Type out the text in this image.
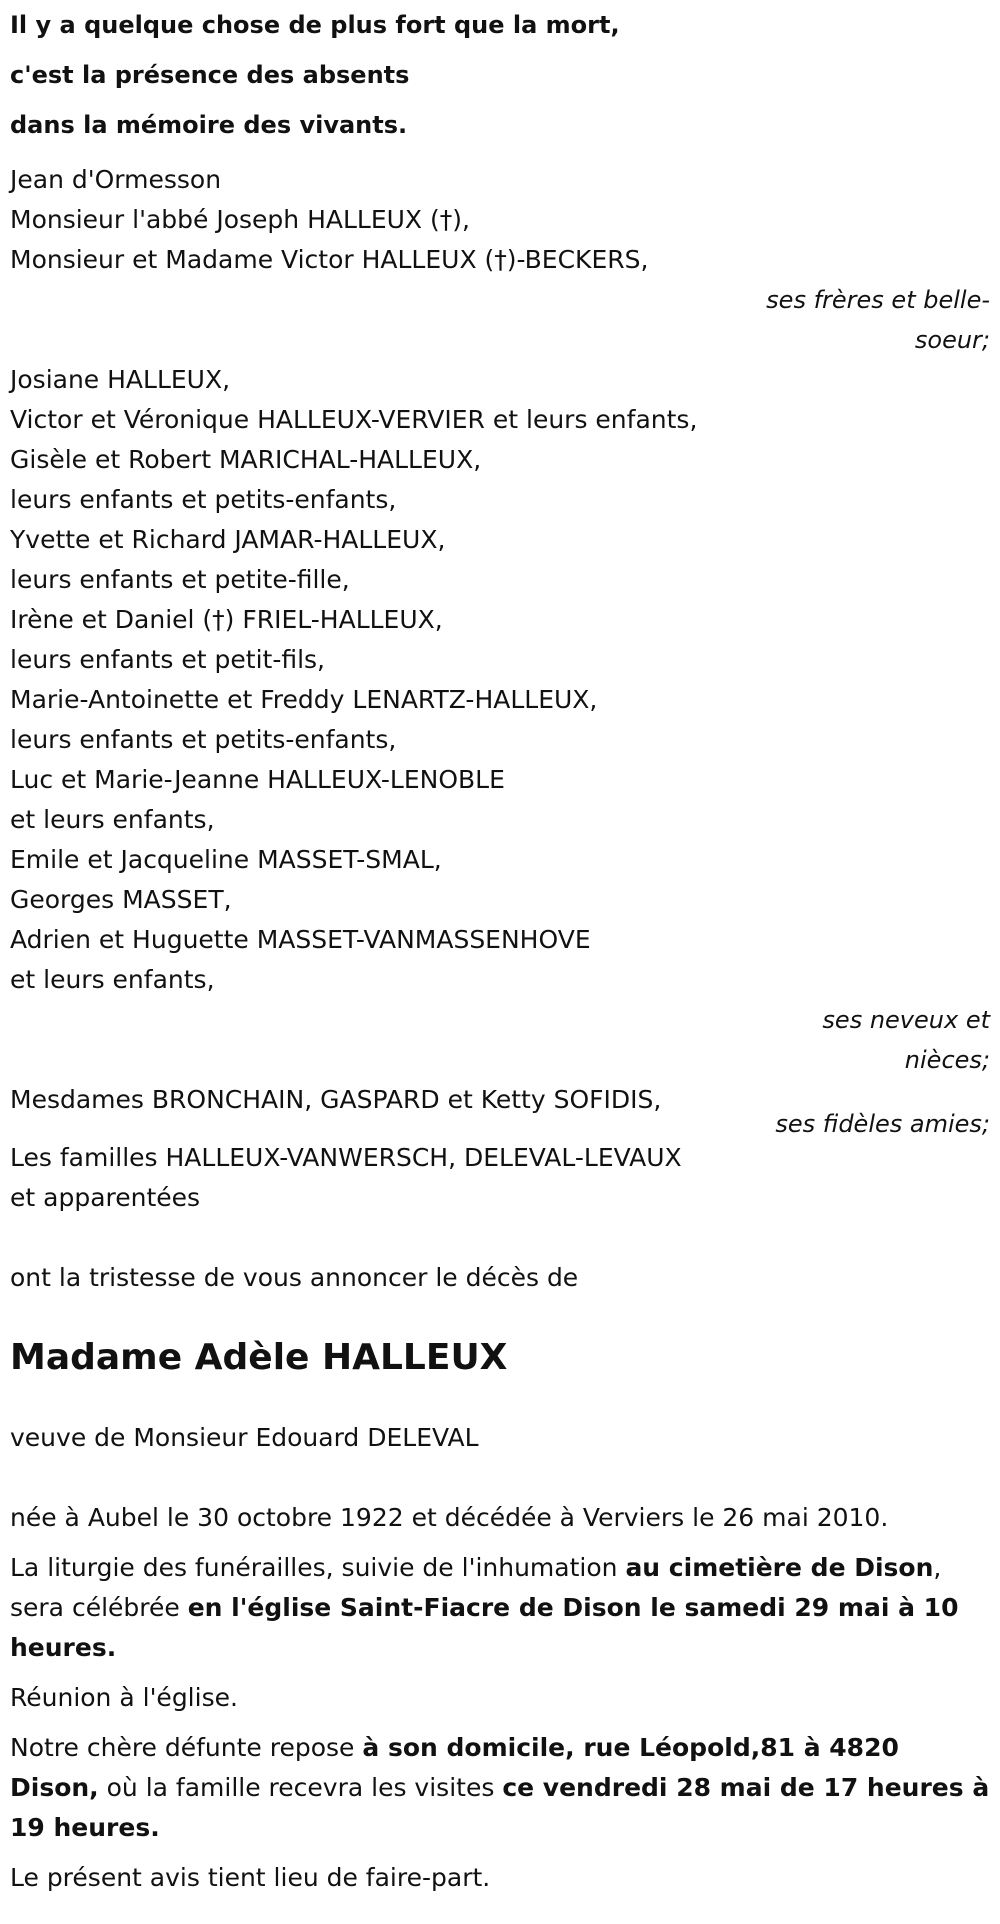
Il y a quelque chose de plus fort que la mort,
c'est la présence des absents
dans la mémoire des vivants.
Jean d'Ormesson
Monsieur l'abbé Joseph HALLEUX (†),
Monsieur et Madame Victor HALLEUX (†)-BECKERS,
ses frères et belle-
soeur;
Josiane HALLEUX,
Victor et Véronique HALLEUX-VERVIER et leurs enfants,
Gisèle et Robert MARICHAL-HALLEUX,
leurs enfants et petits-enfants,
Yvette et Richard JAMAR-HALLEUX,
leurs enfants et petite-fille,
Irène et Daniel (†) FRIEL-HALLEUX,
leurs enfants et petit-fils,
Marie-Antoinette et Freddy LENARTZ-HALLEUX,
leurs enfants et petits-enfants,
Luc et Marie-Jeanne HALLEUX-LENOBLE
et leurs enfants,
Emile et Jacqueline MASSET-SMAL,
Georges MASSET,
Adrien et Huguette MASSET-VANMASSENHOVE
et leurs enfants,
ses neveux et
nièces;
Mesdames BRONCHAIN, GASPARD et Ketty SOFIDIS,
ses fidèles amies;
Les familles HALLEUX-VANWERSCH, DELEVAL-LEVAUX
et apparentées
ont la tristesse de vous annoncer le décès de
Madame Adèle HALLEUX
veuve de Monsieur Edouard DELEVAL
née à Aubel le 30 octobre 1922 et décédée à Verviers le 26 mai 2010.
La liturgie des funérailles, suivie de l'inhumation au cimetière de Dison, sera célébrée en l'église Saint-Fiacre de Dison le samedi 29 mai à 10 heures.
Réunion à l'église.
Notre chère défunte repose à son domicile, rue Léopold,81 à 4820 Dison, où la famille recevra les visites ce vendredi 28 mai de 17 heures à 19 heures.
Le présent avis tient lieu de faire-part.
